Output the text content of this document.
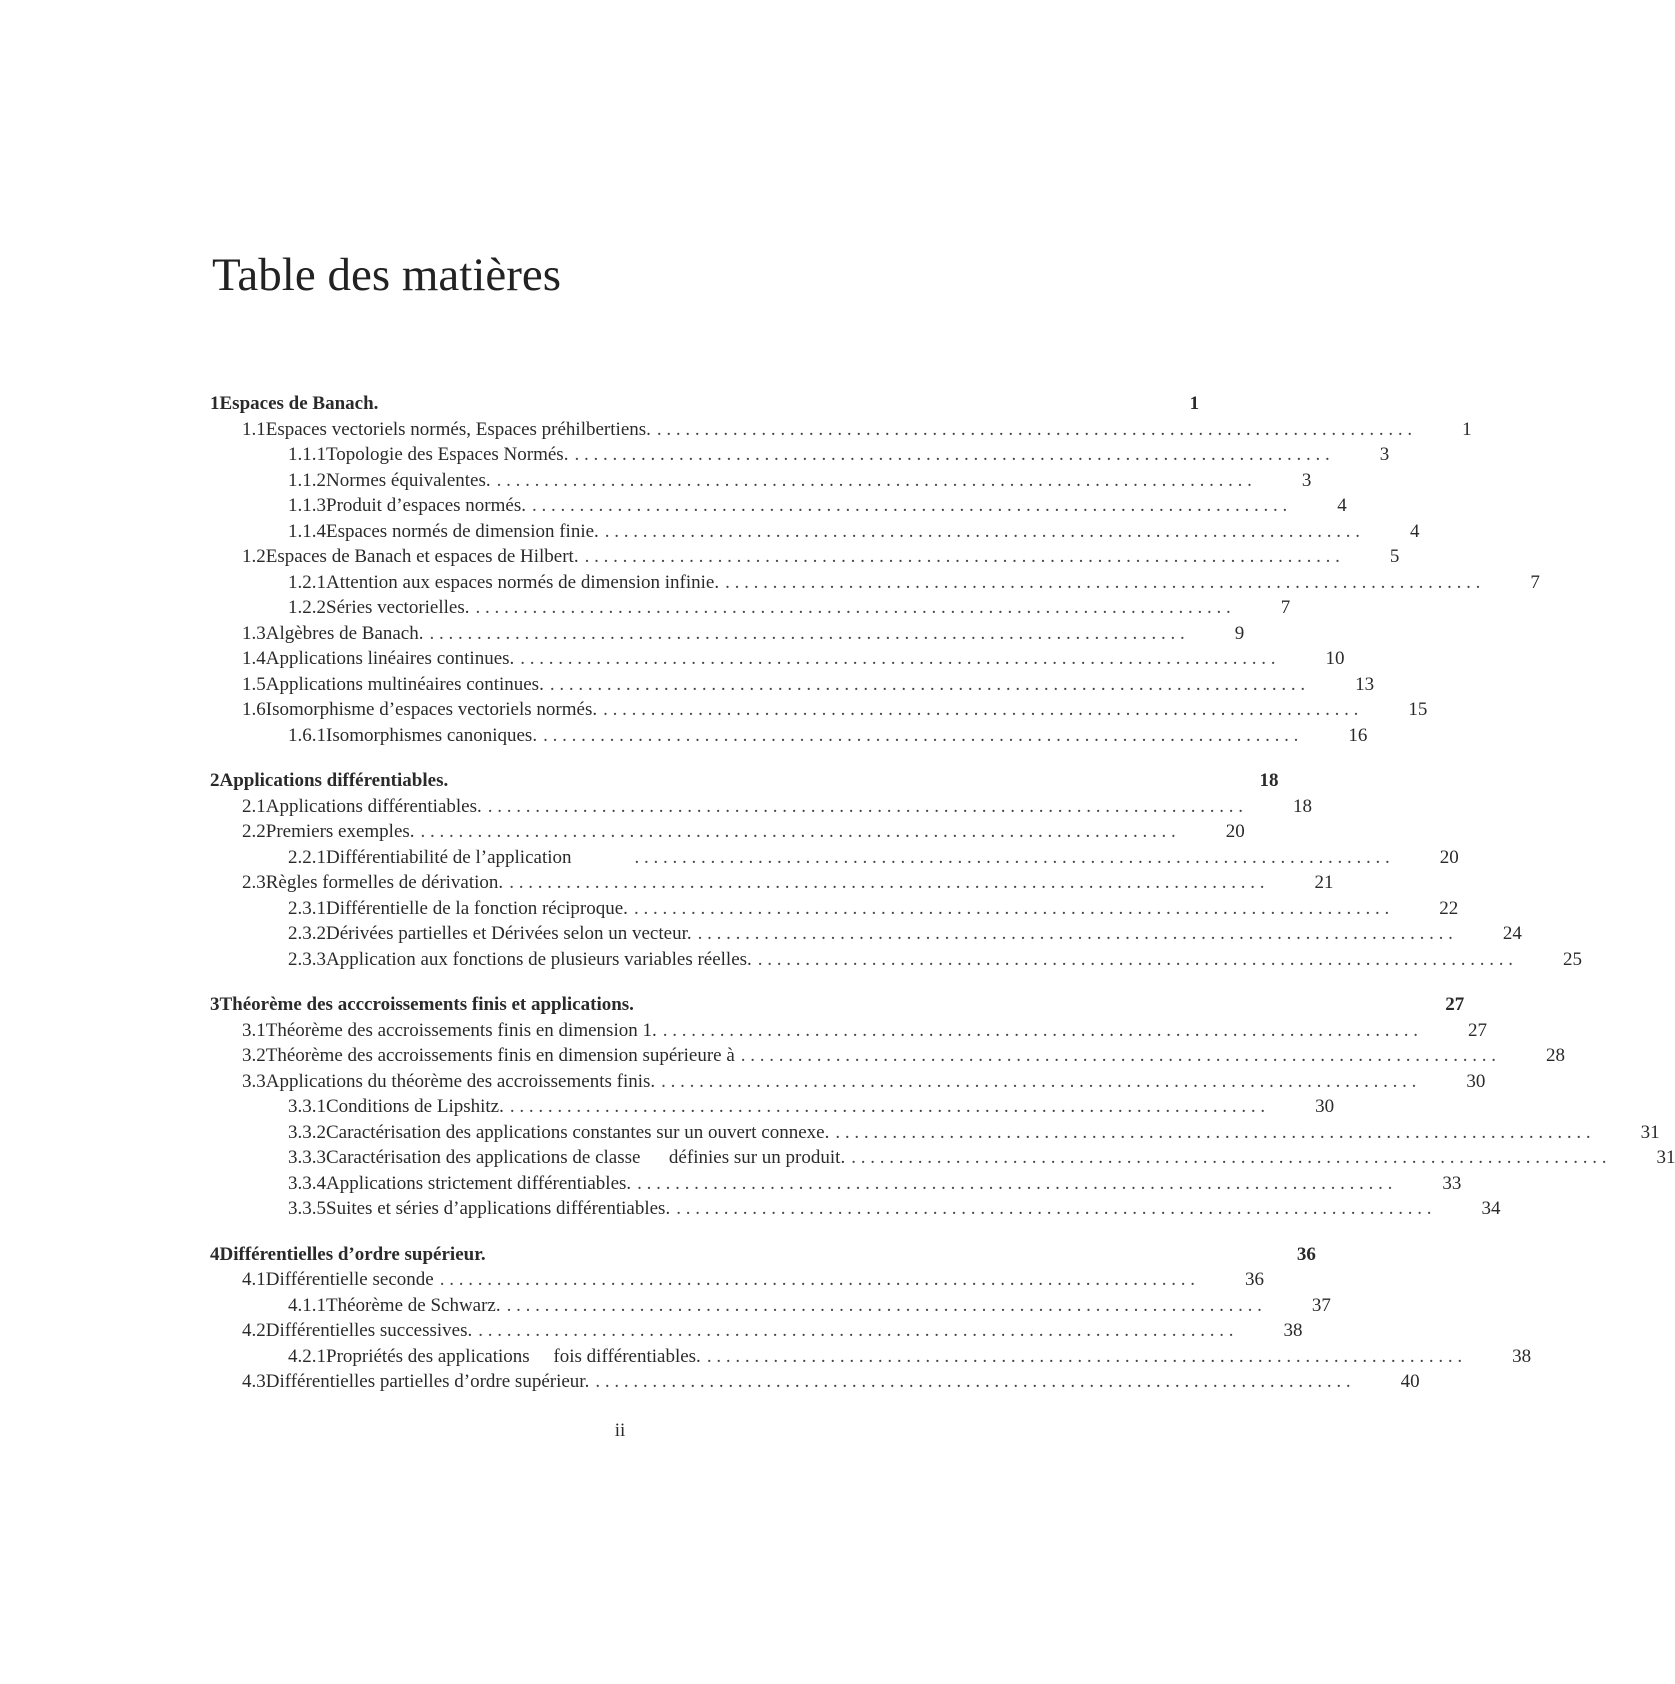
Table des matières
1 Espaces de Banach.	1
1.1 Espaces vectoriels normés, Espaces préhilbertiens. . . . . . . . . . . . . . . . . . . . . . . . . . . . . . . . . . . . . . . . . . . . . . . . . . . . . . . . . . . . . . . . . . . . . . . . . . . . . . . . .	1
1.1.1 Topologie des Espaces Normés. . . . . . . . . . . . . . . . . . . . . . . . . . . . . . . . . . . . . . . . . . . . . . . . . . . . . . . . . . . . . . . . . . . . . . . . . . . . . . . . .	3
1.1.2 Normes équivalentes. . . . . . . . . . . . . . . . . . . . . . . . . . . . . . . . . . . . . . . . . . . . . . . . . . . . . . . . . . . . . . . . . . . . . . . . . . . . . . . . .	3
1.1.3 Produit d’espaces normés. . . . . . . . . . . . . . . . . . . . . . . . . . . . . . . . . . . . . . . . . . . . . . . . . . . . . . . . . . . . . . . . . . . . . . . . . . . . . . . . .	4
1.1.4 Espaces normés de dimension finie. . . . . . . . . . . . . . . . . . . . . . . . . . . . . . . . . . . . . . . . . . . . . . . . . . . . . . . . . . . . . . . . . . . . . . . . . . . . . . . . .	4
1.2 Espaces de Banach et espaces de Hilbert. . . . . . . . . . . . . . . . . . . . . . . . . . . . . . . . . . . . . . . . . . . . . . . . . . . . . . . . . . . . . . . . . . . . . . . . . . . . . . . . .	5
1.2.1 Attention aux espaces normés de dimension infinie. . . . . . . . . . . . . . . . . . . . . . . . . . . . . . . . . . . . . . . . . . . . . . . . . . . . . . . . . . . . . . . . . . . . . . . . . . . . . . . . .	7
1.2.2 Séries vectorielles. . . . . . . . . . . . . . . . . . . . . . . . . . . . . . . . . . . . . . . . . . . . . . . . . . . . . . . . . . . . . . . . . . . . . . . . . . . . . . . . .	7
1.3 Algèbres de Banach. . . . . . . . . . . . . . . . . . . . . . . . . . . . . . . . . . . . . . . . . . . . . . . . . . . . . . . . . . . . . . . . . . . . . . . . . . . . . . . . .	9
1.4 Applications linéaires continues. . . . . . . . . . . . . . . . . . . . . . . . . . . . . . . . . . . . . . . . . . . . . . . . . . . . . . . . . . . . . . . . . . . . . . . . . . . . . . . . .	10
1.5 Applications multinéaires continues. . . . . . . . . . . . . . . . . . . . . . . . . . . . . . . . . . . . . . . . . . . . . . . . . . . . . . . . . . . . . . . . . . . . . . . . . . . . . . . . .	13
1.6 Isomorphisme d’espaces vectoriels normés. . . . . . . . . . . . . . . . . . . . . . . . . . . . . . . . . . . . . . . . . . . . . . . . . . . . . . . . . . . . . . . . . . . . . . . . . . . . . . . . .	15
1.6.1 Isomorphismes canoniques. . . . . . . . . . . . . . . . . . . . . . . . . . . . . . . . . . . . . . . . . . . . . . . . . . . . . . . . . . . . . . . . . . . . . . . . . . . . . . . . .	16
2 Applications différentiables.	18
2.1 Applications différentiables. . . . . . . . . . . . . . . . . . . . . . . . . . . . . . . . . . . . . . . . . . . . . . . . . . . . . . . . . . . . . . . . . . . . . . . . . . . . . . . . .	18
2.2 Premiers exemples. . . . . . . . . . . . . . . . . . . . . . . . . . . . . . . . . . . . . . . . . . . . . . . . . . . . . . . . . . . . . . . . . . . . . . . . . . . . . . . . .	20
2.2.1 Différentiabilité de l’application . . . . . . . . . . . . . . . . . . . . . . . . . . . . . . . . . . . . . . . . . . . . . . . . . . . . . . . . . . . . . . . . . . . . . . . . . . . . . . . .	20
2.3 Règles formelles de dérivation. . . . . . . . . . . . . . . . . . . . . . . . . . . . . . . . . . . . . . . . . . . . . . . . . . . . . . . . . . . . . . . . . . . . . . . . . . . . . . . . .	21
2.3.1 Différentielle de la fonction réciproque. . . . . . . . . . . . . . . . . . . . . . . . . . . . . . . . . . . . . . . . . . . . . . . . . . . . . . . . . . . . . . . . . . . . . . . . . . . . . . . . .	22
2.3.2 Dérivées partielles et Dérivées selon un vecteur. . . . . . . . . . . . . . . . . . . . . . . . . . . . . . . . . . . . . . . . . . . . . . . . . . . . . . . . . . . . . . . . . . . . . . . . . . . . . . . . .	24
2.3.3 Application aux fonctions de plusieurs variables réelles. . . . . . . . . . . . . . . . . . . . . . . . . . . . . . . . . . . . . . . . . . . . . . . . . . . . . . . . . . . . . . . . . . . . . . . . . . . . . . . . .	25
3 Théorème des acccroissements finis et applications.	27
3.1 Théorème des accroissements finis en dimension 1. . . . . . . . . . . . . . . . . . . . . . . . . . . . . . . . . . . . . . . . . . . . . . . . . . . . . . . . . . . . . . . . . . . . . . . . . . . . . . . . .	27
3.2 Théorème des accroissements finis en dimension supérieure à . . . . . . . . . . . . . . . . . . . . . . . . . . . . . . . . . . . . . . . . . . . . . . . . . . . . . . . . . . . . . . . . . . . . . . . . . . . . . . . .	28
3.3 Applications du théorème des accroissements finis. . . . . . . . . . . . . . . . . . . . . . . . . . . . . . . . . . . . . . . . . . . . . . . . . . . . . . . . . . . . . . . . . . . . . . . . . . . . . . . . .	30
3.3.1 Conditions de Lipshitz. . . . . . . . . . . . . . . . . . . . . . . . . . . . . . . . . . . . . . . . . . . . . . . . . . . . . . . . . . . . . . . . . . . . . . . . . . . . . . . . .	30
3.3.2 Caractérisation des applications constantes sur un ouvert connexe. . . . . . . . . . . . . . . . . . . . . . . . . . . . . . . . . . . . . . . . . . . . . . . . . . . . . . . . . . . . . . . . . . . . . . . . . . . . . . . . .	31
3.3.3 Caractérisation des applications de classe      définies sur un produit. . . . . . . . . . . . . . . . . . . . . . . . . . . . . . . . . . . . . . . . . . . . . . . . . . . . . . . . . . . . . . . . . . . . . . . . . . . . . . . . .	31
3.3.4 Applications strictement différentiables. . . . . . . . . . . . . . . . . . . . . . . . . . . . . . . . . . . . . . . . . . . . . . . . . . . . . . . . . . . . . . . . . . . . . . . . . . . . . . . . .	33
3.3.5 Suites et séries d’applications différentiables. . . . . . . . . . . . . . . . . . . . . . . . . . . . . . . . . . . . . . . . . . . . . . . . . . . . . . . . . . . . . . . . . . . . . . . . . . . . . . . . .	34
4 Différentielles d’ordre supérieur.	36
4.1 Différentielle seconde . . . . . . . . . . . . . . . . . . . . . . . . . . . . . . . . . . . . . . . . . . . . . . . . . . . . . . . . . . . . . . . . . . . . . . . . . . . . . . . .	36
4.1.1 Théorème de Schwarz. . . . . . . . . . . . . . . . . . . . . . . . . . . . . . . . . . . . . . . . . . . . . . . . . . . . . . . . . . . . . . . . . . . . . . . . . . . . . . . . .	37
4.2 Différentielles successives. . . . . . . . . . . . . . . . . . . . . . . . . . . . . . . . . . . . . . . . . . . . . . . . . . . . . . . . . . . . . . . . . . . . . . . . . . . . . . . . .	38
4.2.1 Propriétés des applications     fois différentiables. . . . . . . . . . . . . . . . . . . . . . . . . . . . . . . . . . . . . . . . . . . . . . . . . . . . . . . . . . . . . . . . . . . . . . . . . . . . . . . . .	38
4.3 Différentielles partielles d’ordre supérieur. . . . . . . . . . . . . . . . . . . . . . . . . . . . . . . . . . . . . . . . . . . . . . . . . . . . . . . . . . . . . . . . . . . . . . . . . . . . . . . . .	40
ii
